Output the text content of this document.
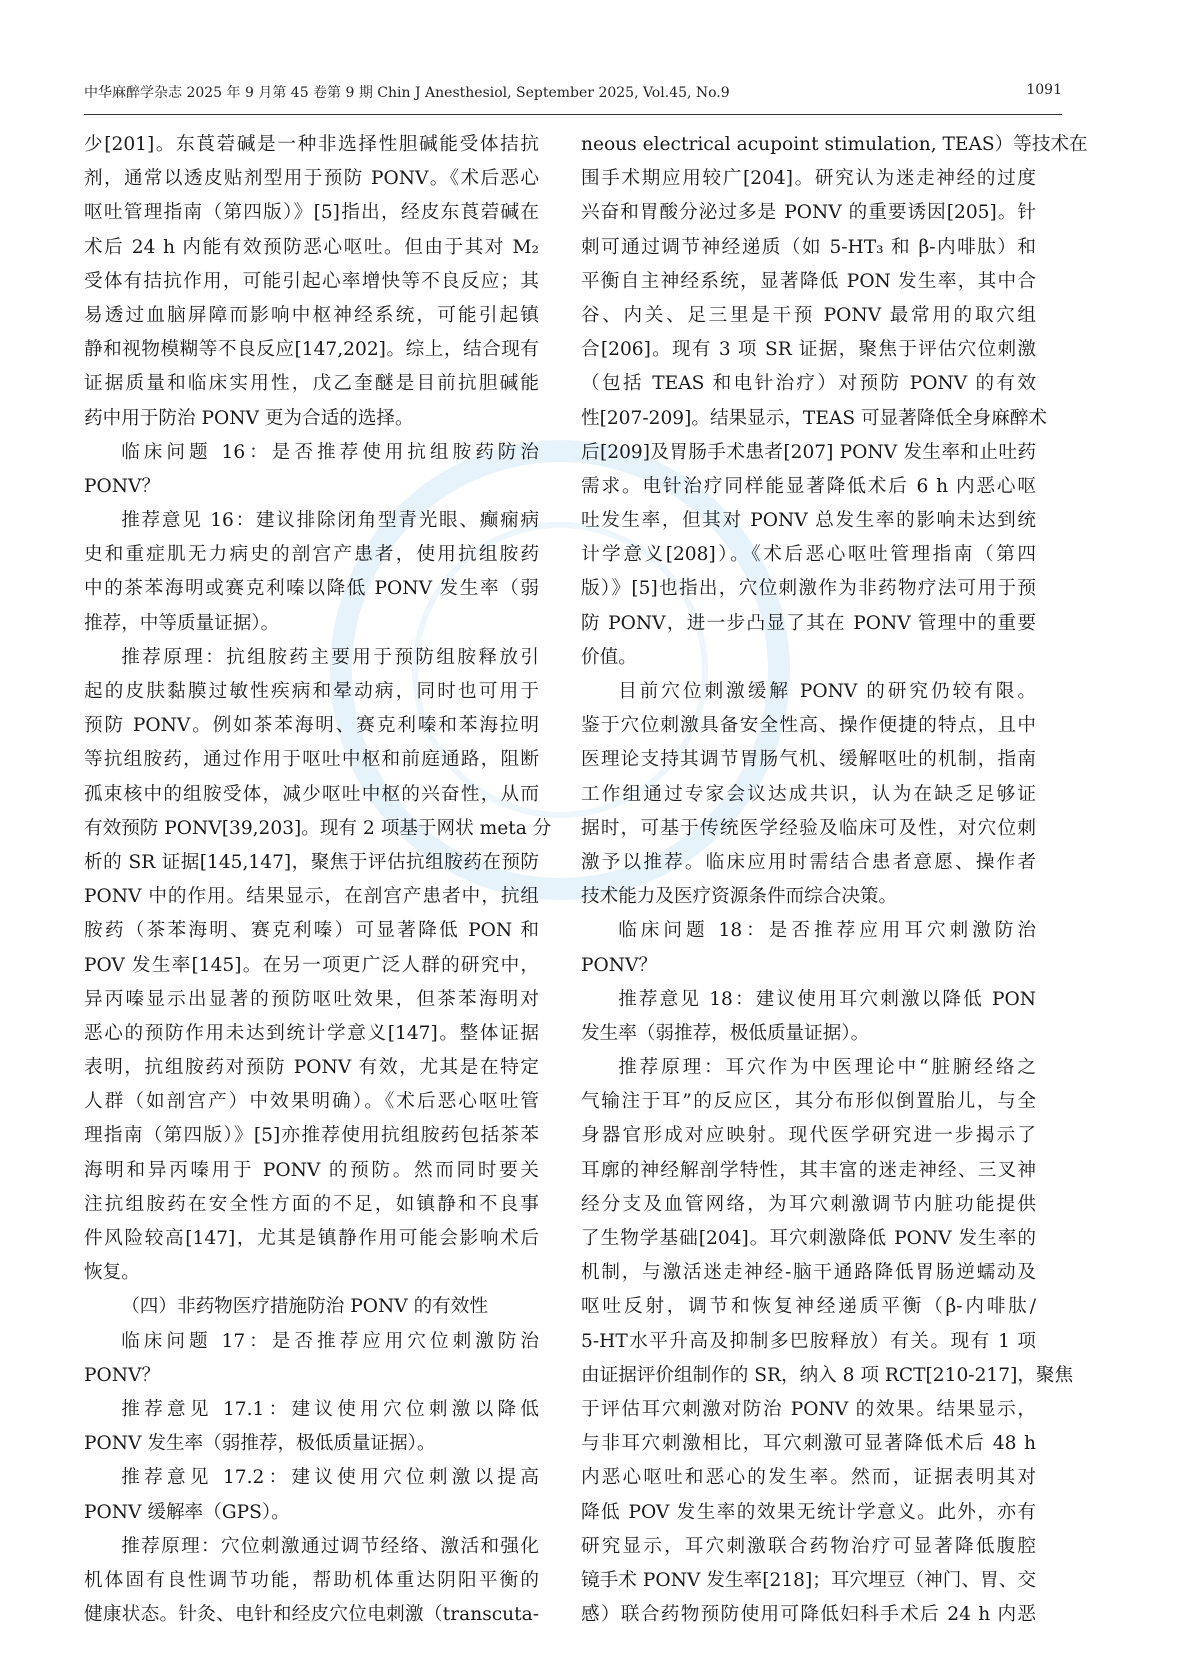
中华麻醉学杂志 2025 年 9 月第 45 卷第 9 期 Chin J Anesthesiol, September 2025, Vol.45, No.9	1091
少[201]。东莨菪碱是一种非选择性胆碱能受体拮抗
剂，通常以透皮贴剂型用于预防 PONV。《术后恶心
呕吐管理指南（第四版）》[5]指出，经皮东莨菪碱在
术后 24 h 内能有效预防恶心呕吐。但由于其对 M₂
受体有拮抗作用，可能引起心率增快等不良反应；其
易透过血脑屏障而影响中枢神经系统，可能引起镇
静和视物模糊等不良反应[147,202]。综上，结合现有
证据质量和临床实用性，戊乙奎醚是目前抗胆碱能
药中用于防治 PONV 更为合适的选择。
临床问题 16：是否推荐使用抗组胺药防治
PONV？
推荐意见 16：建议排除闭角型青光眼、癫痫病
史和重症肌无力病史的剖宫产患者，使用抗组胺药
中的茶苯海明或赛克利嗪以降低 PONV 发生率（弱
推荐，中等质量证据）。
推荐原理：抗组胺药主要用于预防组胺释放引
起的皮肤黏膜过敏性疾病和晕动病，同时也可用于
预防 PONV。例如茶苯海明、赛克利嗪和苯海拉明
等抗组胺药，通过作用于呕吐中枢和前庭通路，阻断
孤束核中的组胺受体，减少呕吐中枢的兴奋性，从而
有效预防 PONV[39,203]。现有 2 项基于网状 meta 分
析的 SR 证据[145,147]，聚焦于评估抗组胺药在预防
PONV 中的作用。结果显示，在剖宫产患者中，抗组
胺药（茶苯海明、赛克利嗪）可显著降低 PON 和
POV 发生率[145]。在另一项更广泛人群的研究中，
异丙嗪显示出显著的预防呕吐效果，但茶苯海明对
恶心的预防作用未达到统计学意义[147]。整体证据
表明，抗组胺药对预防 PONV 有效，尤其是在特定
人群（如剖宫产）中效果明确）。《术后恶心呕吐管
理指南（第四版）》[5]亦推荐使用抗组胺药包括茶苯
海明和异丙嗪用于 PONV 的预防。然而同时要关
注抗组胺药在安全性方面的不足，如镇静和不良事
件风险较高[147]，尤其是镇静作用可能会影响术后
恢复。
（四）非药物医疗措施防治 PONV 的有效性
临床问题 17：是否推荐应用穴位刺激防治
PONV？
推荐意见 17.1：建议使用穴位刺激以降低
PONV 发生率（弱推荐，极低质量证据）。
推荐意见 17.2：建议使用穴位刺激以提高
PONV 缓解率（GPS）。
推荐原理：穴位刺激通过调节经络、激活和强化
机体固有良性调节功能，帮助机体重达阴阳平衡的
健康状态。针灸、电针和经皮穴位电刺激（transcuta-
neous electrical acupoint stimulation, TEAS）等技术在
围手术期应用较广[204]。研究认为迷走神经的过度
兴奋和胃酸分泌过多是 PONV 的重要诱因[205]。针
刺可通过调节神经递质（如 5-HT₃ 和 β-内啡肽）和
平衡自主神经系统，显著降低 PON 发生率，其中合
谷、内关、足三里是干预 PONV 最常用的取穴组
合[206]。现有 3 项 SR 证据，聚焦于评估穴位刺激
（包括 TEAS 和电针治疗）对预防 PONV 的有效
性[207-209]。结果显示，TEAS 可显著降低全身麻醉术
后[209]及胃肠手术患者[207] PONV 发生率和止吐药
需求。电针治疗同样能显著降低术后 6 h 内恶心呕
吐发生率，但其对 PONV 总发生率的影响未达到统
计学意义[208]）。《术后恶心呕吐管理指南（第四
版）》[5]也指出，穴位刺激作为非药物疗法可用于预
防 PONV，进一步凸显了其在 PONV 管理中的重要
价值。
目前穴位刺激缓解 PONV 的研究仍较有限。
鉴于穴位刺激具备安全性高、操作便捷的特点，且中
医理论支持其调节胃肠气机、缓解呕吐的机制，指南
工作组通过专家会议达成共识，认为在缺乏足够证
据时，可基于传统医学经验及临床可及性，对穴位刺
激予以推荐。临床应用时需结合患者意愿、操作者
技术能力及医疗资源条件而综合决策。
临床问题 18：是否推荐应用耳穴刺激防治
PONV？
推荐意见 18：建议使用耳穴刺激以降低 PON
发生率（弱推荐，极低质量证据）。
推荐原理：耳穴作为中医理论中“脏腑经络之
气输注于耳”的反应区，其分布形似倒置胎儿，与全
身器官形成对应映射。现代医学研究进一步揭示了
耳廓的神经解剖学特性，其丰富的迷走神经、三叉神
经分支及血管网络，为耳穴刺激调节内脏功能提供
了生物学基础[204]。耳穴刺激降低 PONV 发生率的
机制，与激活迷走神经-脑干通路降低胃肠逆蠕动及
呕吐反射，调节和恢复神经递质平衡（β-内啡肽/
5-HT水平升高及抑制多巴胺释放）有关。现有 1 项
由证据评价组制作的 SR，纳入 8 项 RCT[210-217]，聚焦
于评估耳穴刺激对防治 PONV 的效果。结果显示，
与非耳穴刺激相比，耳穴刺激可显著降低术后 48 h
内恶心呕吐和恶心的发生率。然而，证据表明其对
降低 POV 发生率的效果无统计学意义。此外，亦有
研究显示，耳穴刺激联合药物治疗可显著降低腹腔
镜手术 PONV 发生率[218]；耳穴埋豆（神门、胃、交
感）联合药物预防使用可降低妇科手术后 24 h 内恶
